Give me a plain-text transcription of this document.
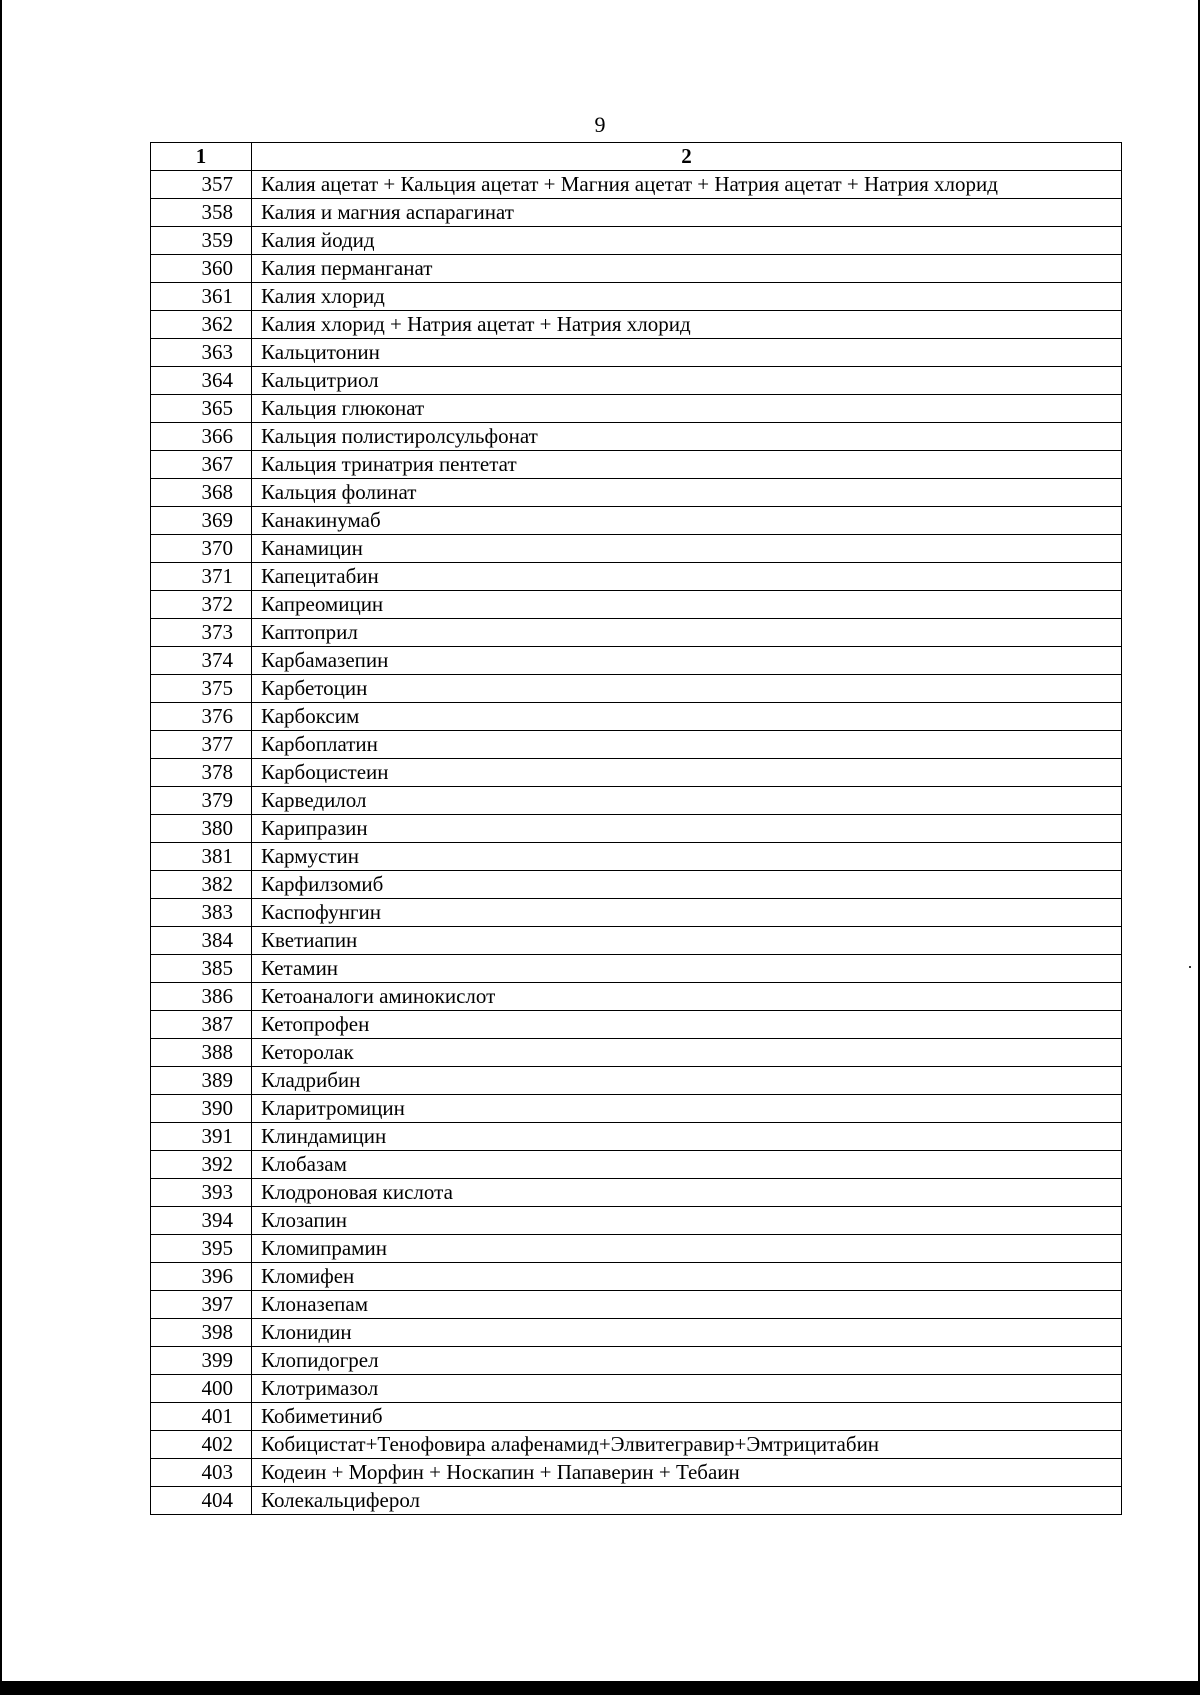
9
1	2
357	Калия ацетат + Кальция ацетат + Магния ацетат + Натрия ацетат + Натрия хлорид
358	Калия и магния аспарагинат
359	Калия йодид
360	Калия перманганат
361	Калия хлорид
362	Калия хлорид + Натрия ацетат + Натрия хлорид
363	Кальцитонин
364	Кальцитриол
365	Кальция глюконат
366	Кальция полистиролсульфонат
367	Кальция тринатрия пентетат
368	Кальция фолинат
369	Канакинумаб
370	Канамицин
371	Капецитабин
372	Капреомицин
373	Каптоприл
374	Карбамазепин
375	Карбетоцин
376	Карбоксим
377	Карбоплатин
378	Карбоцистеин
379	Карведилол
380	Карипразин
381	Кармустин
382	Карфилзомиб
383	Каспофунгин
384	Кветиапин
385	Кетамин
386	Кетоаналоги аминокислот
387	Кетопрофен
388	Кеторолак
389	Кладрибин
390	Кларитромицин
391	Клиндамицин
392	Клобазам
393	Клодроновая кислота
394	Клозапин
395	Кломипрамин
396	Кломифен
397	Клоназепам
398	Клонидин
399	Клопидогрел
400	Клотримазол
401	Кобиметиниб
402	Кобицистат+Тенофовира алафенамид+Элвитегравир+Эмтрицитабин
403	Кодеин + Морфин + Носкапин + Папаверин + Тебаин
404	Колекальциферол
